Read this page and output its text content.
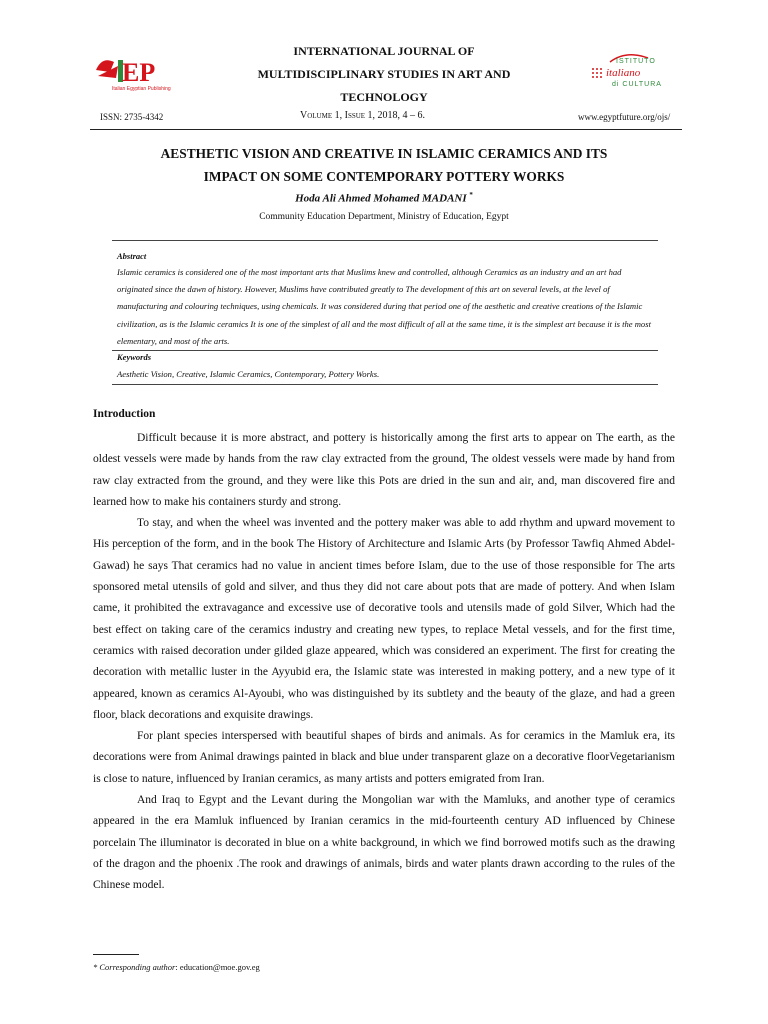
EP
Italian Egyptian Publishing
ISTITUTO
italiano
di CULTURA
INTERNATIONAL JOURNAL OF
MULTIDISCIPLINARY STUDIES IN ART AND
TECHNOLOGY
ISSN: 2735-4342	Volume 1, Issue 1, 2018, 4 – 6.	www.egyptfuture.org/ojs/
AESTHETIC VISION AND CREATIVE IN ISLAMIC CERAMICS AND ITS
IMPACT ON SOME CONTEMPORARY POTTERY WORKS
Hoda Ali Ahmed Mohamed MADANI *
Community Education Department, Ministry of Education, Egypt
Abstract
Islamic ceramics is considered one of the most important arts that Muslims knew and controlled, although Ceramics as an industry and an art had originated since the dawn of history. However, Muslims have contributed greatly to The development of this art on several levels, at the level of manufacturing and colouring techniques, using chemicals. It was considered during that period one of the aesthetic and creative creations of the Islamic civilization, as is the Islamic ceramics It is one of the simplest of all and the most difficult of all at the same time, it is the simplest art because it is the most elementary, and most of the arts.
Keywords
Aesthetic Vision, Creative, Islamic Ceramics, Contemporary, Pottery Works.
Introduction

Difficult because it is more abstract, and pottery is historically among the first arts to appear on The earth, as the oldest vessels were made by hands from the raw clay extracted from the ground, The oldest vessels were made by hand from raw clay extracted from the ground, and they were like this Pots are dried in the sun and air, and, man discovered fire and learned how to make his containers sturdy and strong.

To stay, and when the wheel was invented and the pottery maker was able to add rhythm and upward movement to His perception of the form, and in the book The History of Architecture and Islamic Arts (by Professor Tawfiq Ahmed Abdel-Gawad) he says That ceramics had no value in ancient times before Islam, due to the use of those responsible for The arts sponsored metal utensils of gold and silver, and thus they did not care about pots that are made of pottery. And when Islam came, it prohibited the extravagance and excessive use of decorative tools and utensils made of gold Silver, Which had the best effect on taking care of the ceramics industry and creating new types, to replace Metal vessels, and for the first time, ceramics with raised decoration under gilded glaze appeared, which was considered an experiment. The first for creating the decoration with metallic luster in the Ayyubid era, the Islamic state was interested in making pottery, and a new type of it appeared, known as ceramics Al-Ayoubi, who was distinguished by its subtlety and the beauty of the glaze, and had a green floor, black decorations and exquisite drawings.

For plant species interspersed with beautiful shapes of birds and animals. As for ceramics in the Mamluk era, its decorations were from Animal drawings painted in black and blue under transparent glaze on a decorative floorVegetarianism is close to nature, influenced by Iranian ceramics, as many artists and potters emigrated from Iran.

And Iraq to Egypt and the Levant during the Mongolian war with the Mamluks, and another type of ceramics appeared in the era Mamluk influenced by Iranian ceramics in the mid-fourteenth century AD influenced by Chinese porcelain The illuminator is decorated in blue on a white background, in which we find borrowed motifs such as the drawing of the dragon and the phoenix .The rook and drawings of animals, birds and water plants drawn according to the rules of the Chinese model.

* Corresponding author: education@moe.gov.eg
